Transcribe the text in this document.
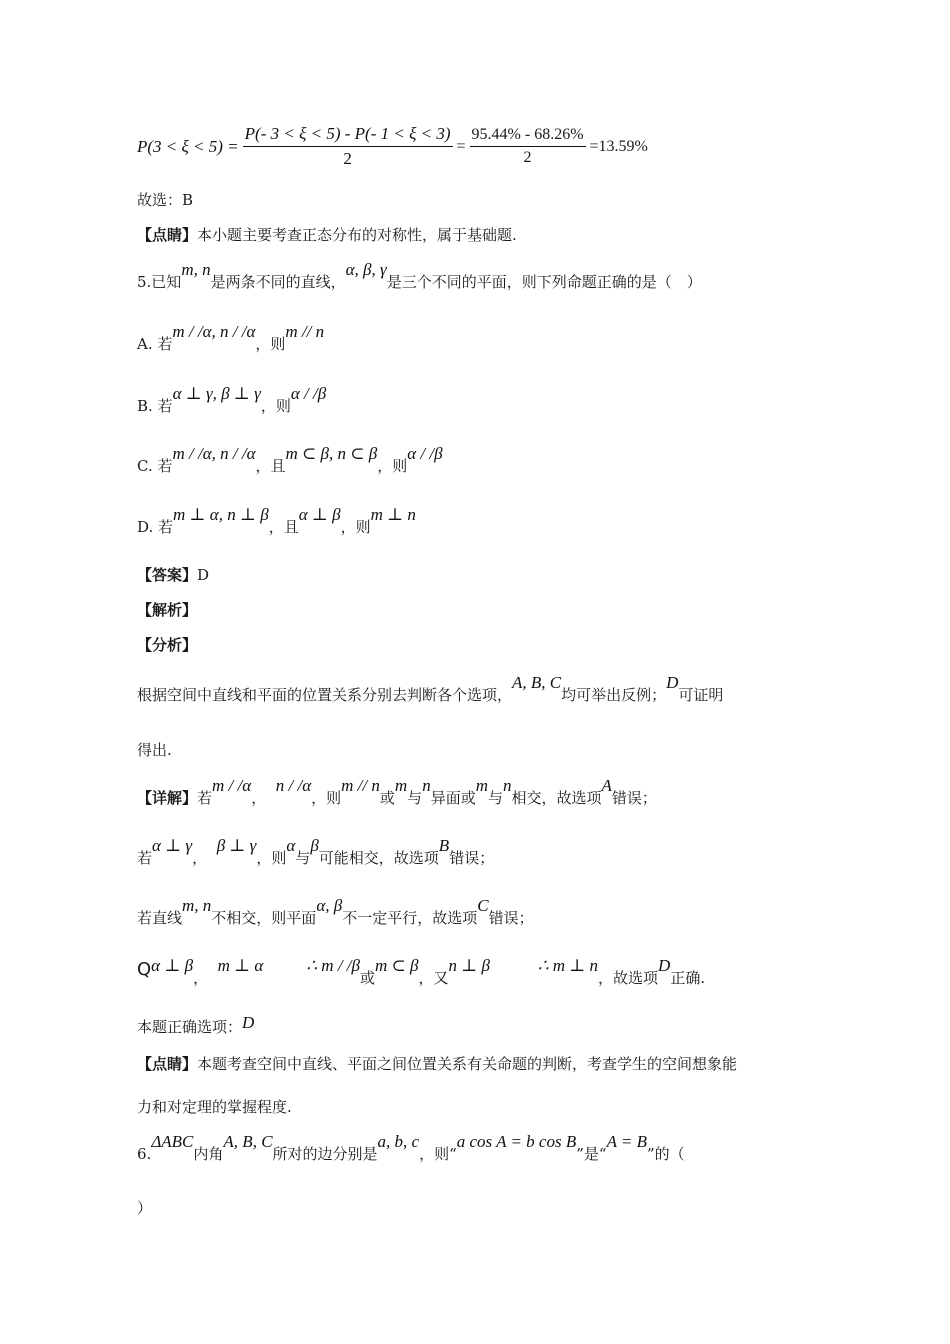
$P(3 < \xi < 5) = \frac{P(- 3 < \xi < 5) - P(- 1 < \xi < 3)}{2} = \frac{95.44\% - 68.26\%}{2} =13.59\%$
故选：B
【点睛】本小题主要考查正态分布的对称性，属于基础题.
5.已知m, n是两条不同的直线，α, β, γ是三个不同的平面，则下列命题正确的是（　）
A. 若m / /α, n / /α，则m // n
B. 若α ⊥ γ, β ⊥ γ，则α / /β
C. 若m / /α, n / /α，且m ⊂ β, n ⊂ β，则α / /β
D. 若m ⊥ α, n ⊥ β，且α ⊥ β，则m ⊥ n
【答案】D
【解析】
【分析】
根据空间中直线和平面的位置关系分别去判断各个选项，A, B, C均可举出反例；D可证明
得出.
【详解】若m / /α，  n / /α，则m // n或m与n异面或m与n相交，故选项A错误；
若α ⊥ γ，  β ⊥ γ，则α与β可能相交，故选项B错误；
若直线m, n不相交，则平面α, β不一定平行，故选项C错误；
Qα ⊥ β，  m ⊥ α	∴ m / /β或m ⊂ β，又n ⊥ β	∴ m ⊥ n，故选项D正确.
本题正确选项：D
【点睛】本题考查空间中直线、平面之间位置关系有关命题的判断，考查学生的空间想象能
力和对定理的掌握程度.
6.ΔABC内角A, B, C所对的边分别是a, b, c，则“a cos A = b cos B”是“A = B”的（
）
